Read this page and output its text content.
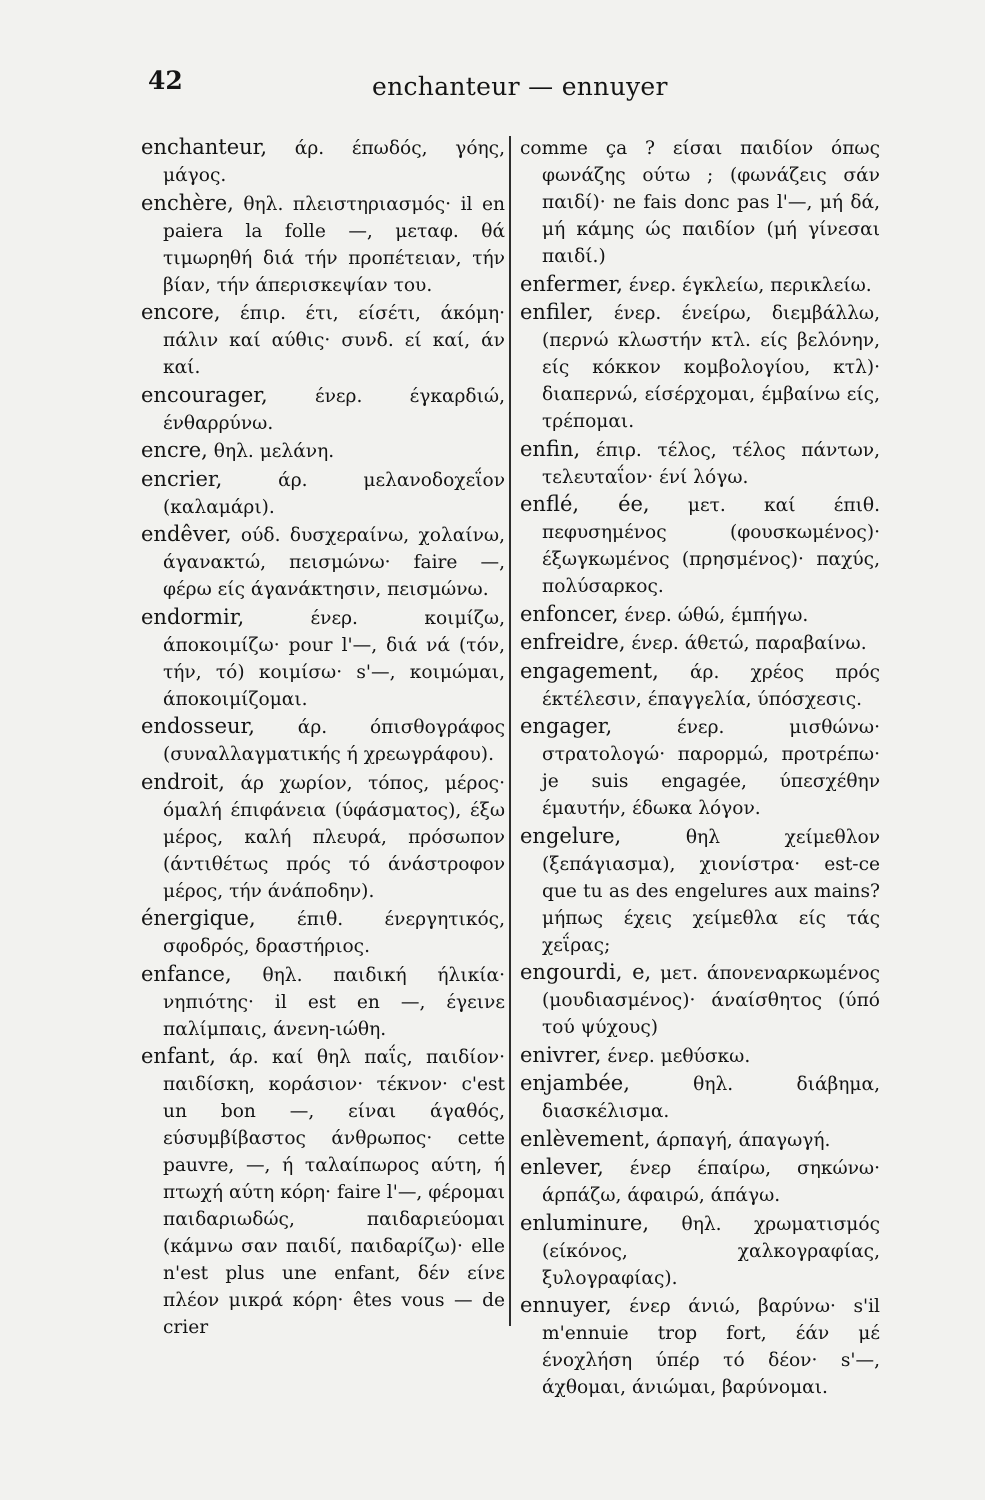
42	enchanteur — ennuyer

enchanteur, άρ. έπωδός, γόης, μάγος.

enchère, θηλ. πλειστηριασμός· il en paiera la folle —, μεταφ. θά τιμωρηθή διά τήν προπέτειαν, τήν βίαν, τήν άπερισκεψίαν του.

encore, έπιρ. έτι, είσέτι, άκόμη· πάλιν καί αύθις· συνδ. εί καί, άν καί.

encourager, ένερ. έγκαρδιώ, ένθαρρύνω.

encre, θηλ. μελάνη.

encrier, άρ. μελανοδοχεΐον (καλαμάρι).

endêver, ούδ. δυσχεραίνω, χολαίνω, άγανακτώ, πεισμώνω· faire —, φέρω είς άγανάκτησιν, πεισμώνω.

endormir, ένερ. κοιμίζω, άποκοιμίζω· pour l'—, διά νά (τόν, τήν, τό) κοιμίσω· s'—, κοιμώμαι, άποκοιμίζομαι.

endosseur, άρ. όπισθογράφος (συναλλαγματικής ή χρεωγράφου).

endroit, άρ χωρίον, τόπος, μέρος· όμαλή έπιφάνεια (ύφάσματος), έξω μέρος, καλή πλευρά, πρόσωπον (άντιθέτως πρός τό άνάστροφον μέρος, τήν άνάποδην).

énergique, έπιθ. ένεργητικός, σφοδρός, δραστήριος.

enfance, θηλ. παιδική ήλικία· νηπιότης· il est en —, έγεινε παλίμπαις, άνενη-ιώθη.

enfant, άρ. καί θηλ παΐς, παιδίον· παιδίσκη, κοράσιον· τέκνον· c'est un bon —, είναι άγαθός, εύσυμβίβαστος άνθρωπος· cette pauvre, —, ή ταλαίπωρος αύτη, ή πτωχή αύτη κόρη· faire l'—, φέρομαι παιδαριωδώς, παιδαριεύομαι (κάμνω σαν παιδί, παιδαρίζω)· elle n'est plus une enfant, δέν είνε πλέον μικρά κόρη· êtes vous — de crier

comme ça ? είσαι παιδίον όπως φωνάζης ούτω ; (φωνάζεις σάν παιδί)· ne fais donc pas l'—, μή δά, μή κάμης ώς παιδίον (μή γίνεσαι παιδί.)

enfermer, ένερ. έγκλείω, περικλείω.

enfiler, ένερ. ένείρω, διεμβάλλω, (περνώ κλωστήν κτλ. είς βελόνην, είς κόκκον κομβολογίου, κτλ)· διαπερνώ, είσέρχομαι, έμβαίνω είς, τρέπομαι.

enfin, έπιρ. τέλος, τέλος πάντων, τελευταΐον· ένί λόγω.

enflé, ée, μετ. καί έπιθ. πεφυσημένος (φουσκωμένος)· έξωγκωμένος (πρησμένος)· παχύς, πολύσαρκος.

enfoncer, ένερ. ώθώ, έμπήγω.

enfreidre, ένερ. άθετώ, παραβαίνω.

engagement, άρ. χρέος πρός έκτέλεσιν, έπαγγελία, ύπόσχεσις.

engager, ένερ. μισθώνω· στρατολογώ· παρορμώ, προτρέπω· je suis engagée, ύπεσχέθην έμαυτήν, έδωκα λόγον.

engelure, θηλ χείμεθλον (ξεπάγιασμα), χιονίστρα· est-ce que tu as des engelures aux mains? μήπως έχεις χείμεθλα είς τάς χεΐρας;

engourdi, e, μετ. άπονεναρκωμένος (μουδιασμένος)· άναίσθητος (ύπό τού ψύχους)

enivrer, ένερ. μεθύσκω.

enjambée, θηλ. διάβημα, διασκέλισμα.

enlèvement, άρπαγή, άπαγωγή.

enlever, ένερ έπαίρω, σηκώνω· άρπάζω, άφαιρώ, άπάγω.

enluminure, θηλ. χρωματισμός (είκόνος, χαλκογραφίας, ξυλογραφίας).

ennuyer, ένερ άνιώ, βαρύνω· s'il m'ennuie trop fort, έάν μέ ένοχλήση ύπέρ τό δέον· s'—, άχθομαι, άνιώμαι, βαρύνομαι.
